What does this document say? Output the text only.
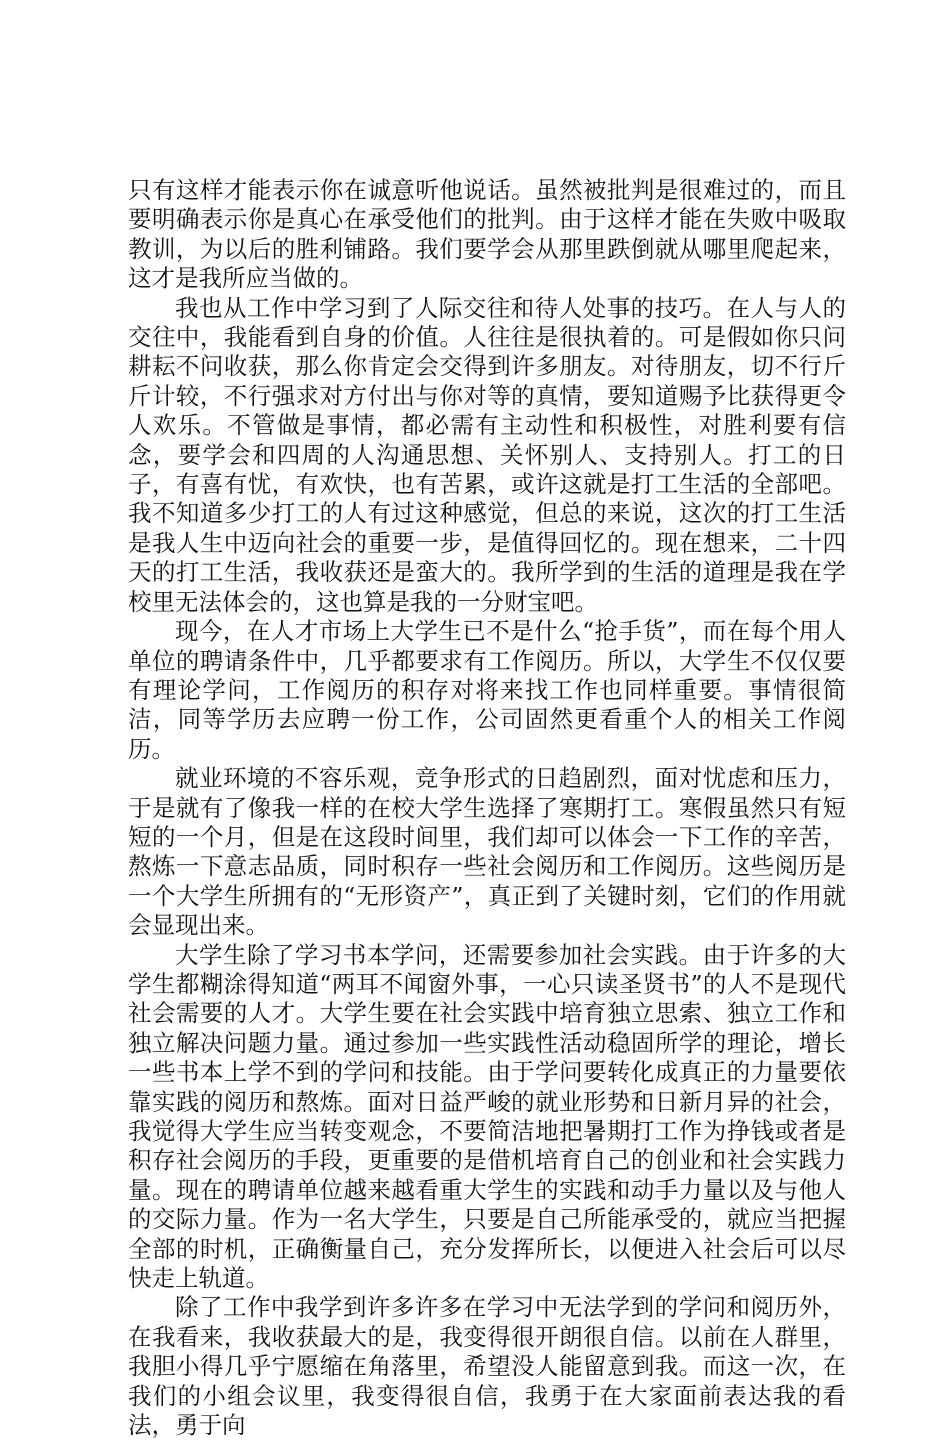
只有这样才能表示你在诚意听他说话。虽然被批判是很难过的，而且要明确表示你是真心在承受他们的批判。由于这样才能在失败中吸取教训，为以后的胜利铺路。我们要学会从那里跌倒就从哪里爬起来，这才是我所应当做的。

我也从工作中学习到了人际交往和待人处事的技巧。在人与人的交往中，我能看到自身的价值。人往往是很执着的。可是假如你只问耕耘不问收获，那么你肯定会交得到许多朋友。对待朋友，切不行斤斤计较，不行强求对方付出与你对等的真情，要知道赐予比获得更令人欢乐。不管做是事情，都必需有主动性和积极性，对胜利要有信念，要学会和四周的人沟通思想、关怀别人、支持别人。打工的日子，有喜有忧，有欢快，也有苦累，或许这就是打工生活的全部吧。我不知道多少打工的人有过这种感觉，但总的来说，这次的打工生活是我人生中迈向社会的重要一步，是值得回忆的。现在想来，二十四天的打工生活，我收获还是蛮大的。我所学到的生活的道理是我在学校里无法体会的，这也算是我的一分财宝吧。

现今，在人才市场上大学生已不是什么“抢手货”，而在每个用人单位的聘请条件中，几乎都要求有工作阅历。所以，大学生不仅仅要有理论学问，工作阅历的积存对将来找工作也同样重要。事情很简洁，同等学历去应聘一份工作，公司固然更看重个人的相关工作阅历。

就业环境的不容乐观，竞争形式的日趋剧烈，面对忧虑和压力，于是就有了像我一样的在校大学生选择了寒期打工。寒假虽然只有短短的一个月，但是在这段时间里，我们却可以体会一下工作的辛苦，熬炼一下意志品质，同时积存一些社会阅历和工作阅历。这些阅历是一个大学生所拥有的“无形资产”，真正到了关键时刻，它们的作用就会显现出来。

大学生除了学习书本学问，还需要参加社会实践。由于许多的大学生都糊涂得知道“两耳不闻窗外事，一心只读圣贤书”的人不是现代社会需要的人才。大学生要在社会实践中培育独立思索、独立工作和独立解决问题力量。通过参加一些实践性活动稳固所学的理论，增长一些书本上学不到的学问和技能。由于学问要转化成真正的力量要依靠实践的阅历和熬炼。面对日益严峻的就业形势和日新月异的社会，我觉得大学生应当转变观念，不要简洁地把暑期打工作为挣钱或者是积存社会阅历的手段，更重要的是借机培育自己的创业和社会实践力量。现在的聘请单位越来越看重大学生的实践和动手力量以及与他人的交际力量。作为一名大学生，只要是自己所能承受的，就应当把握全部的时机，正确衡量自己，充分发挥所长，以便进入社会后可以尽快走上轨道。

除了工作中我学到许多许多在学习中无法学到的学问和阅历外，在我看来，我收获最大的是，我变得很开朗很自信。以前在人群里，我胆小得几乎宁愿缩在角落里，希望没人能留意到我。而这一次，在我们的小组会议里，我变得很自信，我勇于在大家面前表达我的看法，勇于向
